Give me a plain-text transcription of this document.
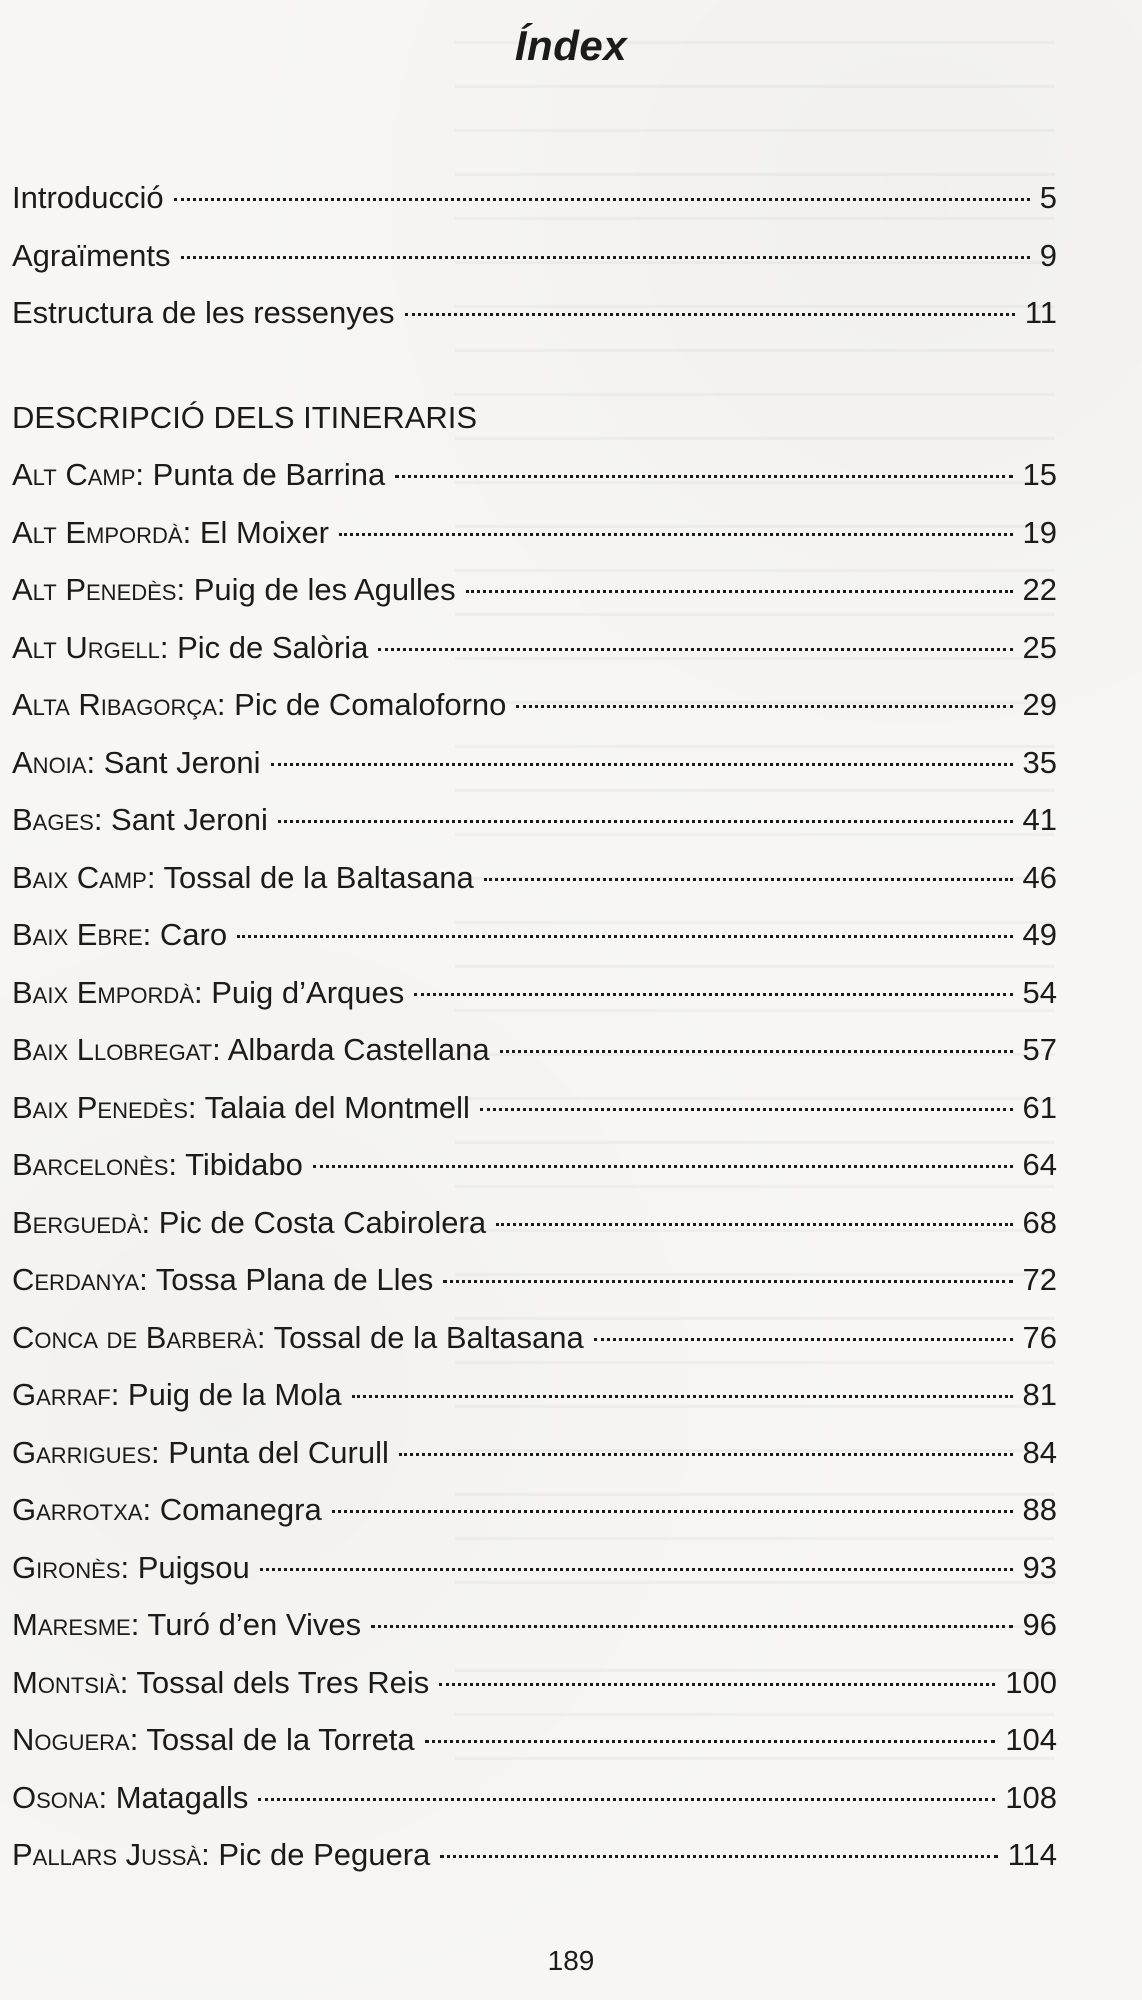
Índex
Introducció	5
Agraïments	9
Estructura de les ressenyes	11
DESCRIPCIÓ DELS ITINERARIS
Alt Camp: Punta de Barrina	15
Alt Empordà: El Moixer	19
Alt Penedès: Puig de les Agulles	22
Alt Urgell: Pic de Salòria	25
Alta Ribagorça: Pic de Comaloforno	29
Anoia: Sant Jeroni	35
Bages: Sant Jeroni	41
Baix Camp: Tossal de la Baltasana	46
Baix Ebre: Caro	49
Baix Empordà: Puig d’Arques	54
Baix Llobregat: Albarda Castellana	57
Baix Penedès: Talaia del Montmell	61
Barcelonès: Tibidabo	64
Berguedà: Pic de Costa Cabirolera	68
Cerdanya: Tossa Plana de Lles	72
Conca de Barberà: Tossal de la Baltasana	76
Garraf: Puig de la Mola	81
Garrigues: Punta del Curull	84
Garrotxa: Comanegra	88
Gironès: Puigsou	93
Maresme: Turó d’en Vives	96
Montsià: Tossal dels Tres Reis	100
Noguera: Tossal de la Torreta	104
Osona: Matagalls	108
Pallars Jussà: Pic de Peguera	114
189
